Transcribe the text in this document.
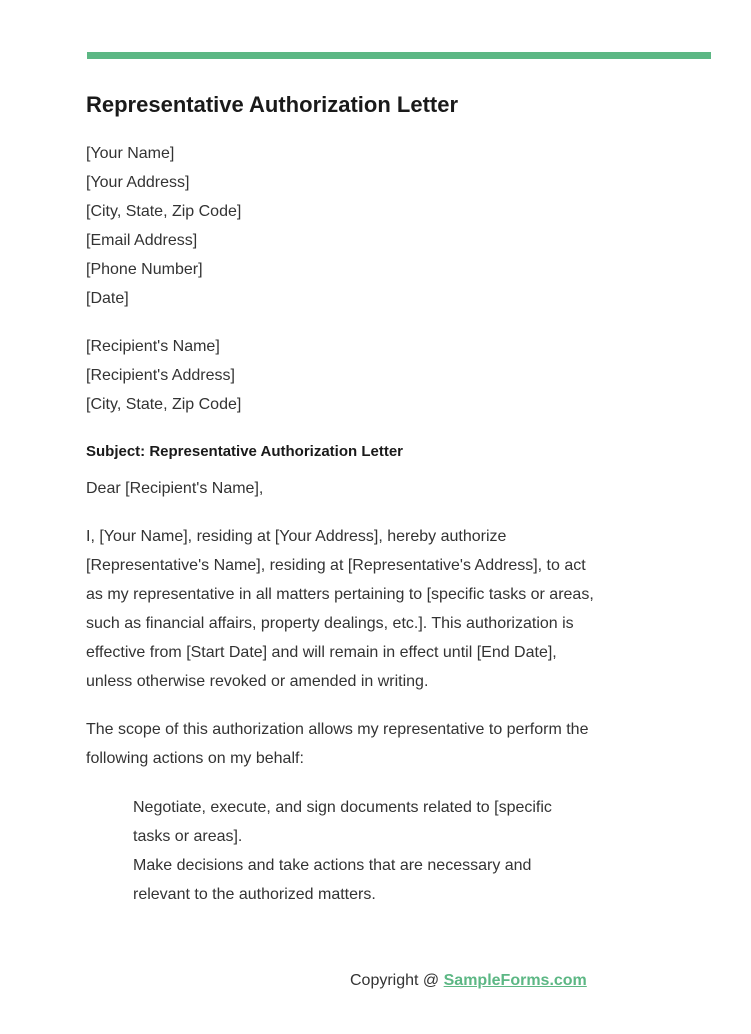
Representative Authorization Letter
[Your Name]
[Your Address]
[City, State, Zip Code]
[Email Address]
[Phone Number]
[Date]
[Recipient's Name]
[Recipient's Address]
[City, State, Zip Code]
Subject: Representative Authorization Letter
Dear [Recipient's Name],

I, [Your Name], residing at [Your Address], hereby authorize [Representative's Name], residing at [Representative's Address], to act as my representative in all matters pertaining to [specific tasks or areas, such as financial affairs, property dealings, etc.]. This authorization is effective from [Start Date] and will remain in effect until [End Date], unless otherwise revoked or amended in writing.

The scope of this authorization allows my representative to perform the following actions on my behalf:

Negotiate, execute, and sign documents related to [specific tasks or areas].
Make decisions and take actions that are necessary and relevant to the authorized matters.
Copyright @ SampleForms.com
